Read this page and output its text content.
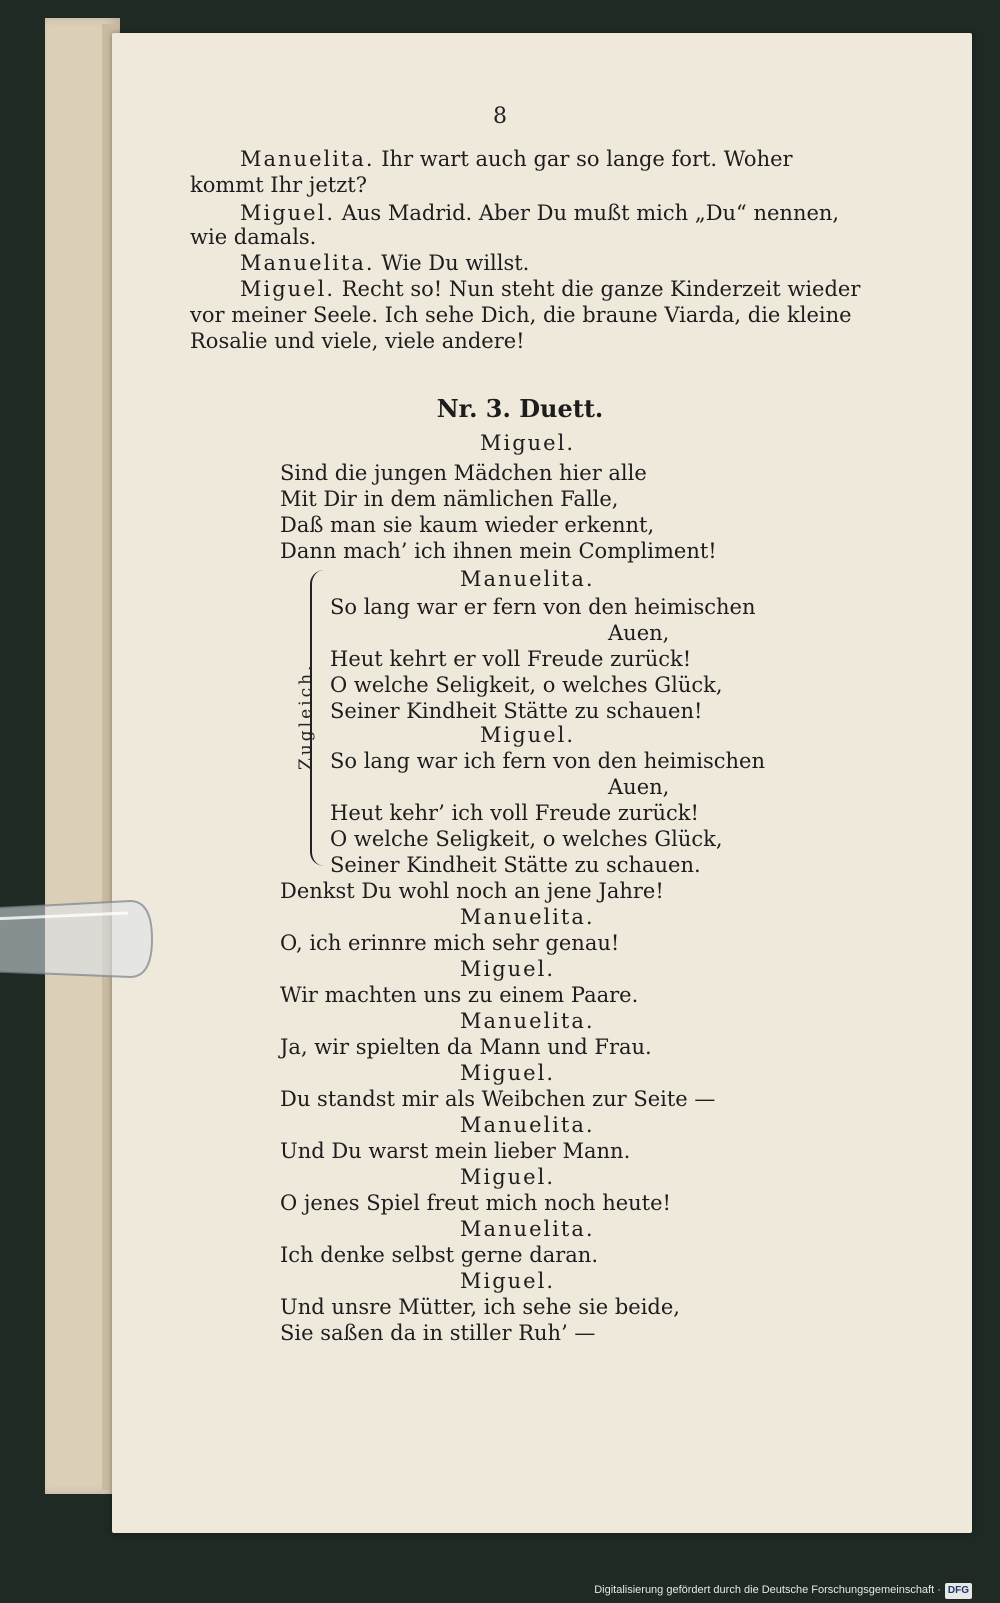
8
Manuelita. Ihr wart auch gar so lange fort. Woher
kommt Ihr jetzt?
Miguel. Aus Madrid. Aber Du mußt mich „Du“ nennen,
wie damals.
Manuelita. Wie Du willst.
Miguel. Recht so! Nun steht die ganze Kinderzeit wieder
vor meiner Seele. Ich sehe Dich, die braune Viarda, die kleine
Rosalie und viele, viele andere!
Nr. 3. Duett.
Miguel.
Sind die jungen Mädchen hier alle
Mit Dir in dem nämlichen Falle,
Daß man sie kaum wieder erkennt,
Dann mach’ ich ihnen mein Compliment!
Zugleich.
Manuelita.
So lang war er fern von den heimischen
Auen,
Heut kehrt er voll Freude zurück!
O welche Seligkeit, o welches Glück,
Seiner Kindheit Stätte zu schauen!
Miguel.
So lang war ich fern von den heimischen
Auen,
Heut kehr’ ich voll Freude zurück!
O welche Seligkeit, o welches Glück,
Seiner Kindheit Stätte zu schauen.
Denkst Du wohl noch an jene Jahre!
Manuelita.
O, ich erinnre mich sehr genau!
Miguel.
Wir machten uns zu einem Paare.
Manuelita.
Ja, wir spielten da Mann und Frau.
Miguel.
Du standst mir als Weibchen zur Seite —
Manuelita.
Und Du warst mein lieber Mann.
Miguel.
O jenes Spiel freut mich noch heute!
Manuelita.
Ich denke selbst gerne daran.
Miguel.
Und unsre Mütter, ich sehe sie beide,
Sie saßen da in stiller Ruh’ —
Digitalisierung gefördert durch die Deutsche Forschungsgemeinschaft · DFG
